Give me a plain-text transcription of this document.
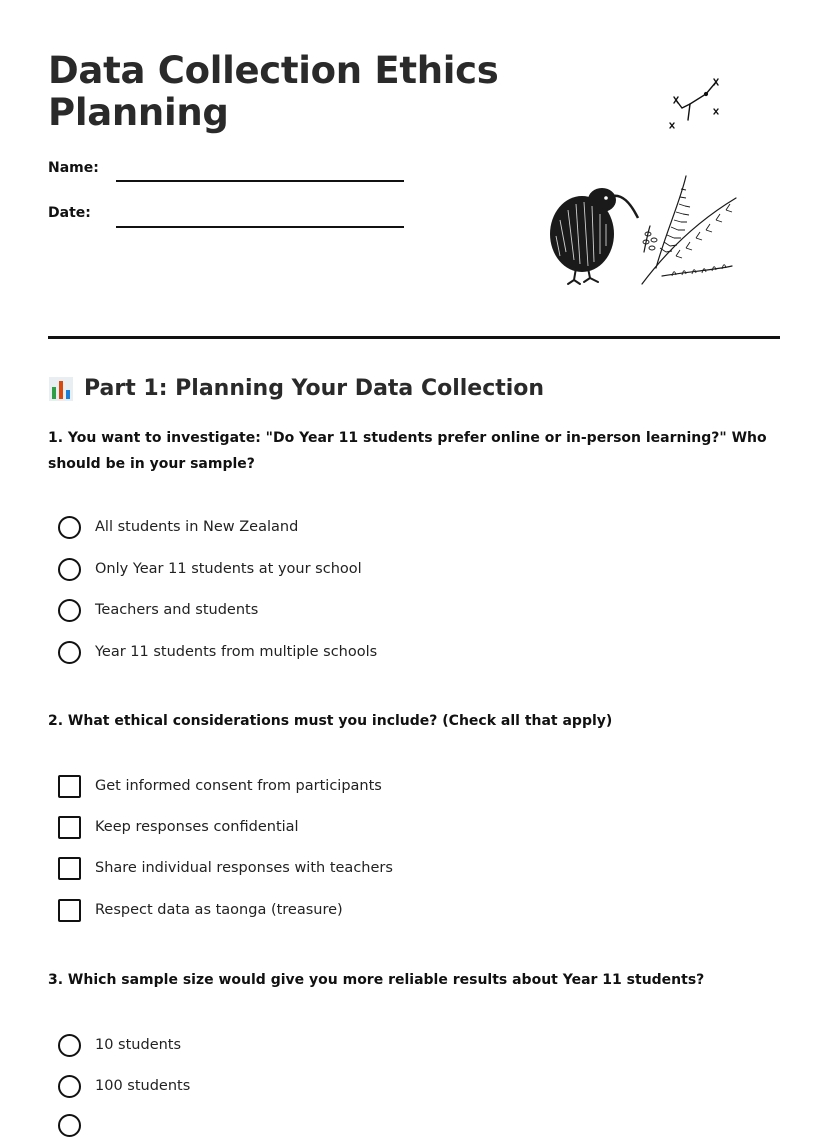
Data Collection Ethics Planning
Name:
Date:
Part 1: Planning Your Data Collection
1. You want to investigate: "Do Year 11 students prefer online or in-person learning?" Who should be in your sample?
All students in New Zealand
Only Year 11 students at your school
Teachers and students
Year 11 students from multiple schools
2. What ethical considerations must you include? (Check all that apply)
Get informed consent from participants
Keep responses confidential
Share individual responses with teachers
Respect data as taonga (treasure)
3. Which sample size would give you more reliable results about Year 11 students?
10 students
100 students
